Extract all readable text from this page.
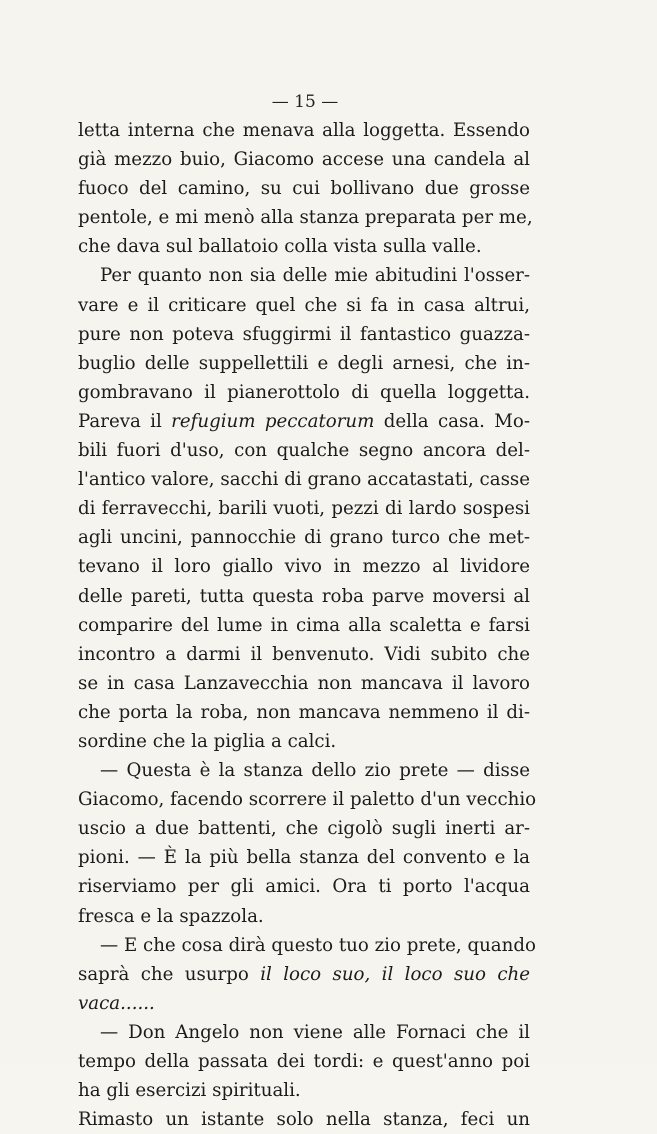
— 15 —
letta interna che menava alla loggetta. Essendo
già mezzo buio, Giacomo accese una candela al
fuoco del camino, su cui bollivano due grosse
pentole, e mi menò alla stanza preparata per me,
che dava sul ballatoio colla vista sulla valle.
Per quanto non sia delle mie abitudini l'osser-
vare e il criticare quel che si fa in casa altrui,
pure non poteva sfuggirmi il fantastico guazza-
buglio delle suppellettili e degli arnesi, che in-
gombravano il pianerottolo di quella loggetta.
Pareva il refugium peccatorum della casa. Mo-
bili fuori d'uso, con qualche segno ancora del-
l'antico valore, sacchi di grano accatastati, casse
di ferravecchi, barili vuoti, pezzi di lardo sospesi
agli uncini, pannocchie di grano turco che met-
tevano il loro giallo vivo in mezzo al lividore
delle pareti, tutta questa roba parve moversi al
comparire del lume in cima alla scaletta e farsi
incontro a darmi il benvenuto. Vidi subito che
se in casa Lanzavecchia non mancava il lavoro
che porta la roba, non mancava nemmeno il di-
sordine che la piglia a calci.
— Questa è la stanza dello zio prete — disse
Giacomo, facendo scorrere il paletto d'un vecchio
uscio a due battenti, che cigolò sugli inerti ar-
pioni. — È la più bella stanza del convento e la
riserviamo per gli amici. Ora ti porto l'acqua
fresca e la spazzola.
— E che cosa dirà questo tuo zio prete, quando
saprà che usurpo il loco suo, il loco suo che
vaca......
— Don Angelo non viene alle Fornaci che il
tempo della passata dei tordi: e quest'anno poi
ha gli esercizi spirituali.
Rimasto un istante solo nella stanza, feci un
